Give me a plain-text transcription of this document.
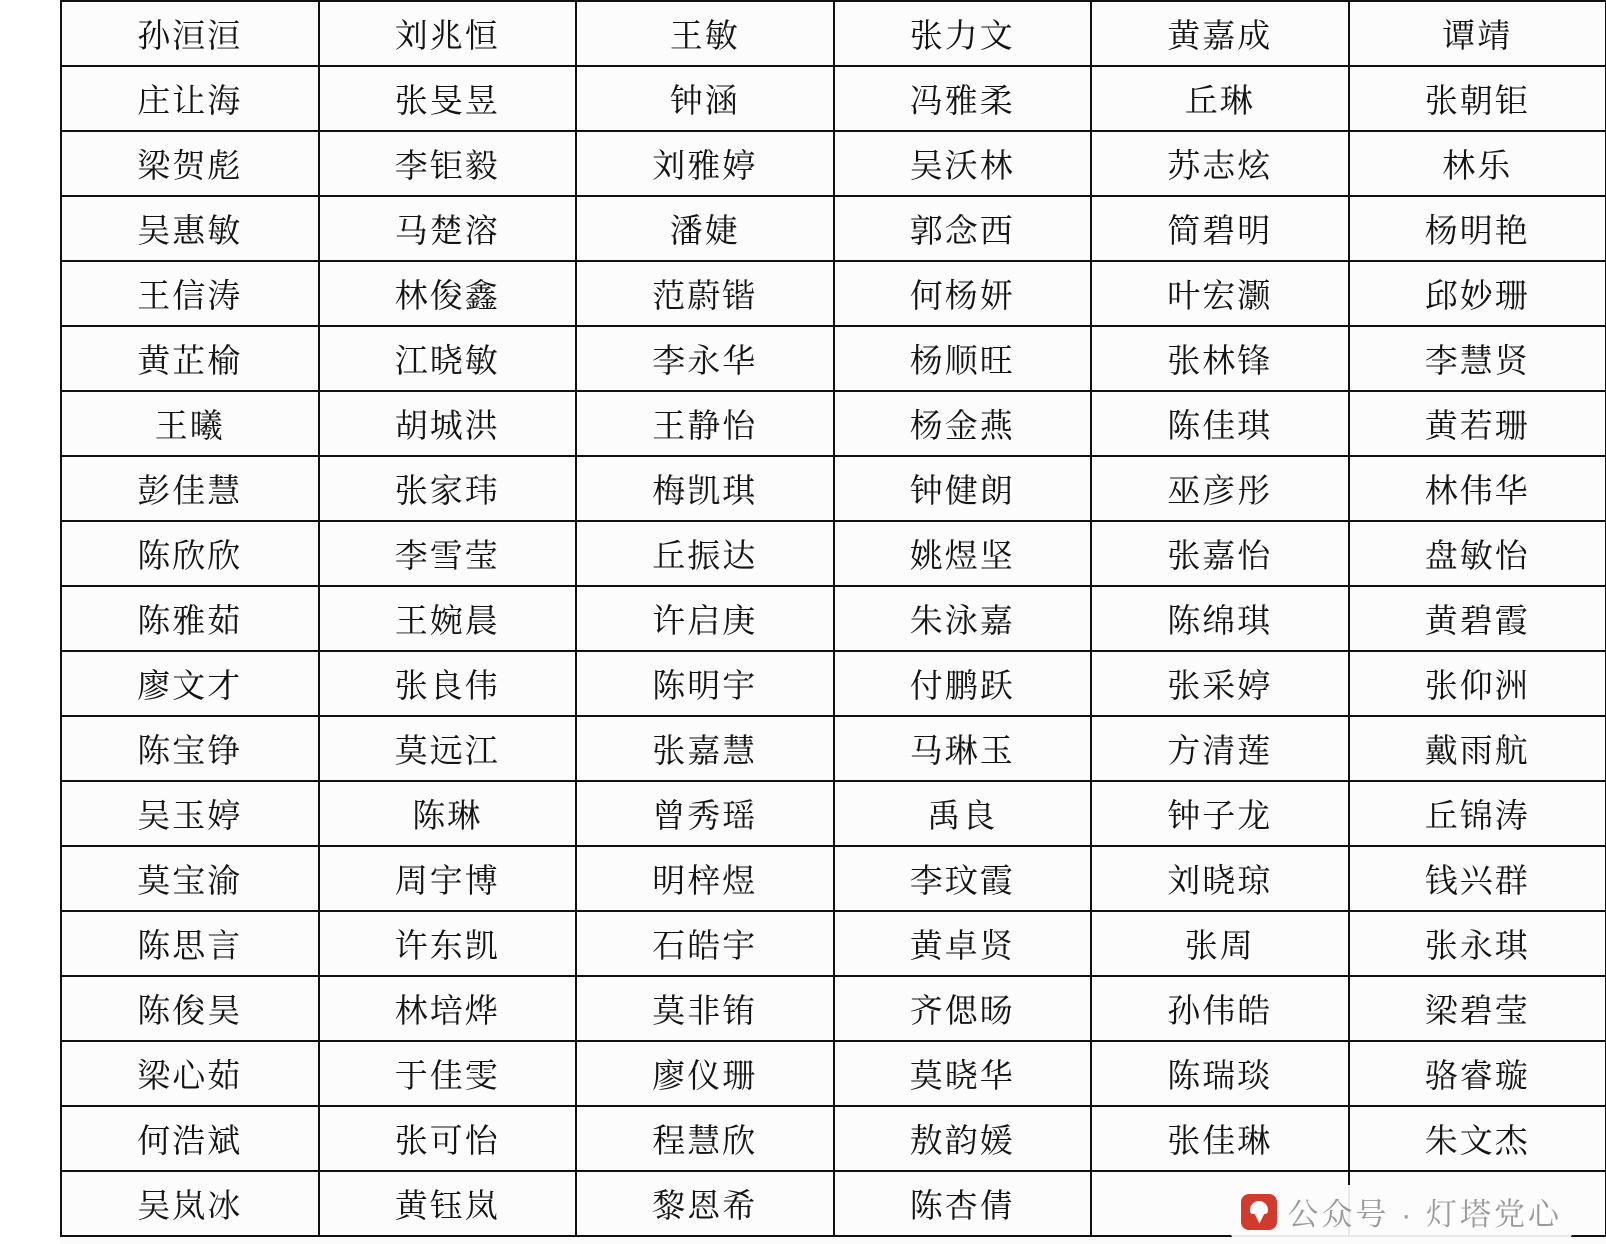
孙洹洹	刘兆恒	王敏	张力文	黄嘉成	谭靖
庄让海	张旻昱	钟涵	冯雅柔	丘琳	张朝钜
梁贺彪	李钜毅	刘雅婷	吴沃林	苏志炫	林乐
吴惠敏	马楚溶	潘婕	郭念西	简碧明	杨明艳
王信涛	林俊鑫	范蔚锴	何杨妍	叶宏灏	邱妙珊
黄芷榆	江晓敏	李永华	杨顺旺	张林锋	李慧贤
王曦	胡城洪	王静怡	杨金燕	陈佳琪	黄若珊
彭佳慧	张家玮	梅凯琪	钟健朗	巫彦彤	林伟华
陈欣欣	李雪莹	丘振达	姚煜坚	张嘉怡	盘敏怡
陈雅茹	王婉晨	许启庚	朱泳嘉	陈绵琪	黄碧霞
廖文才	张良伟	陈明宇	付鹏跃	张采婷	张仰洲
陈宝铮	莫远江	张嘉慧	马琳玉	方清莲	戴雨航
吴玉婷	陈琳	曾秀瑶	禹良	钟子龙	丘锦涛
莫宝渝	周宇博	明梓煜	李玟霞	刘晓琼	钱兴群
陈思言	许东凯	石皓宇	黄卓贤	张周	张永琪
陈俊昊	林培烨	莫非铕	齐偲旸	孙伟皓	梁碧莹
梁心茹	于佳雯	廖仪珊	莫晓华	陈瑞琰	骆睿璇
何浩斌	张可怡	程慧欣	敖韵媛	张佳琳	朱文杰
吴岚冰	黄钰岚	黎恩希	陈杏倩			公众号 · 灯塔党心
